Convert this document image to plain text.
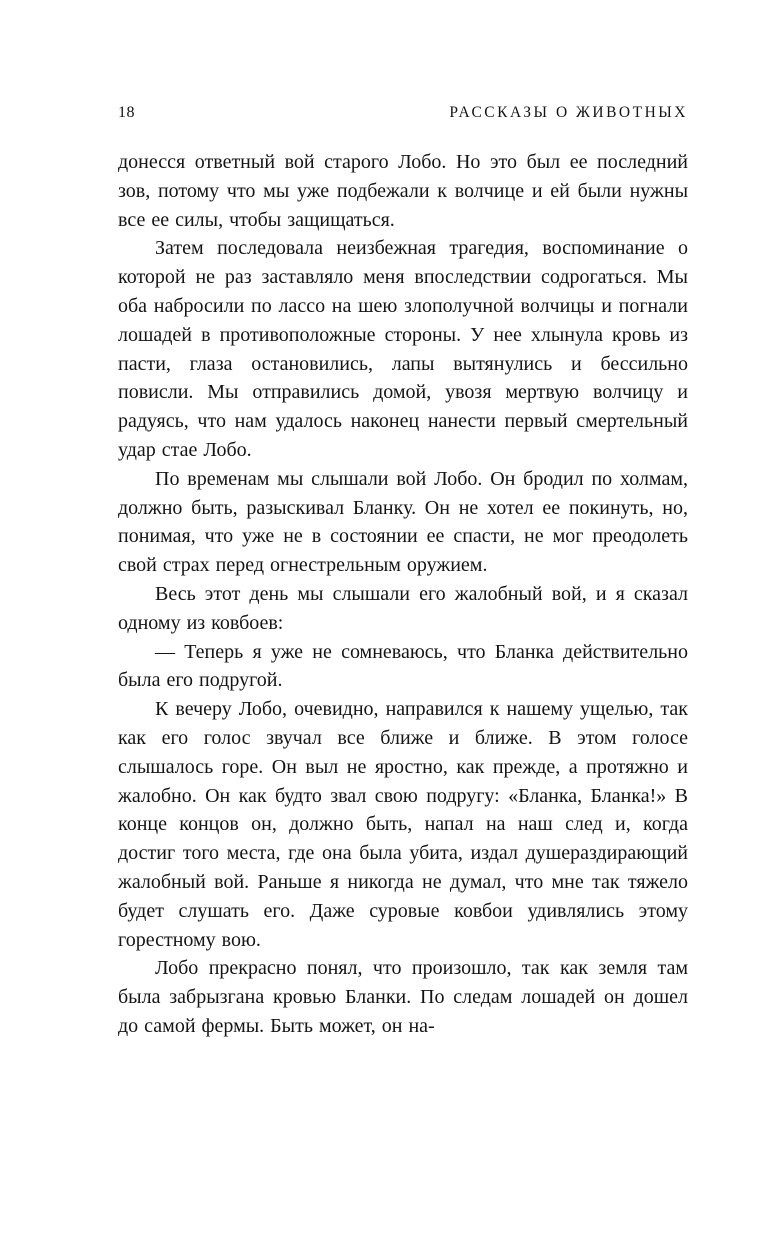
18	РАССКАЗЫ О ЖИВОТНЫХ

донесся ответный вой старого Лобо. Но это был ее последний зов, потому что мы уже подбежали к волчице и ей были нужны все ее силы, чтобы защищаться.

Затем последовала неизбежная трагедия, воспоминание о которой не раз заставляло меня впоследствии содрогаться. Мы оба набросили по лассо на шею злополучной волчицы и погнали лошадей в противоположные стороны. У нее хлынула кровь из пасти, глаза остановились, лапы вытянулись и бессильно повисли. Мы отправились домой, увозя мертвую волчицу и радуясь, что нам удалось наконец нанести первый смертельный удар стае Лобо.

По временам мы слышали вой Лобо. Он бродил по холмам, должно быть, разыскивал Бланку. Он не хотел ее покинуть, но, понимая, что уже не в состоянии ее спасти, не мог преодолеть свой страх перед огнестрельным оружием.

Весь этот день мы слышали его жалобный вой, и я сказал одному из ковбоев:

— Теперь я уже не сомневаюсь, что Бланка действительно была его подругой.

К вечеру Лобо, очевидно, направился к нашему ущелью, так как его голос звучал все ближе и ближе. В этом голосе слышалось горе. Он выл не яростно, как прежде, а протяжно и жалобно. Он как будто звал свою подругу: «Бланка, Бланка!» В конце концов он, должно быть, напал на наш след и, когда достиг того места, где она была убита, издал душераздирающий жалобный вой. Раньше я никогда не думал, что мне так тяжело будет слушать его. Даже суровые ковбои удивлялись этому горестному вою.

Лобо прекрасно понял, что произошло, так как земля там была забрызгана кровью Бланки. По следам лошадей он дошел до самой фермы. Быть может, он на-
